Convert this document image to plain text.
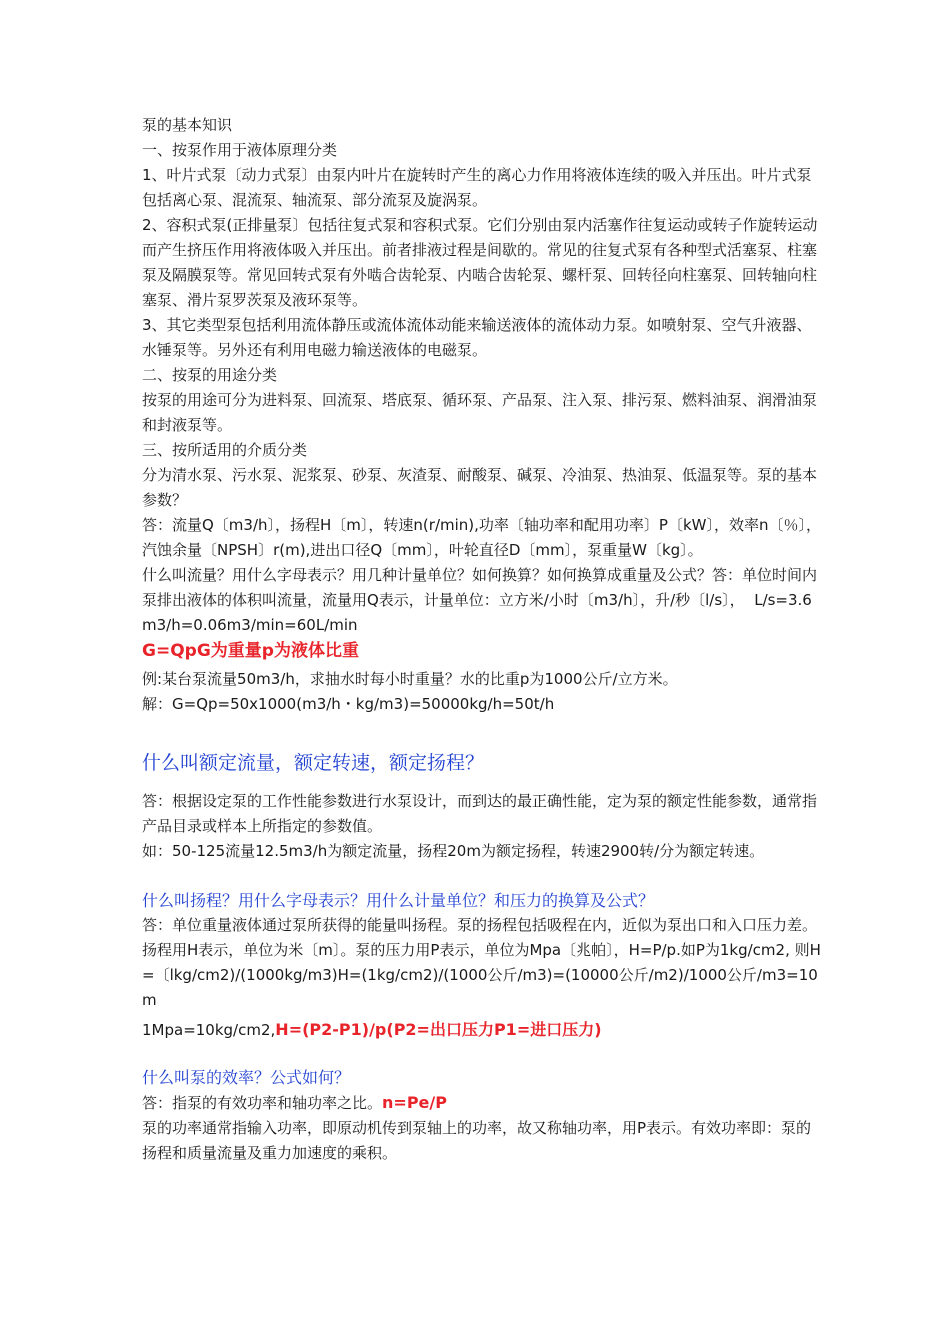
泵的基本知识

一、按泵作用于液体原理分类

1、叶片式泵〔动力式泵〕由泵内叶片在旋转时产生的离心力作用将液体连续的吸入并压出。叶片式泵包括离心泵、混流泵、轴流泵、部分流泵及旋涡泵。

2、容积式泵(正排量泵〕包括往复式泵和容积式泵。它们分别由泵内活塞作往复运动或转子作旋转运动而产生挤压作用将液体吸入并压出。前者排液过程是间歇的。常见的往复式泵有各种型式活塞泵、柱塞泵及隔膜泵等。常见回转式泵有外啮合齿轮泵、内啮合齿轮泵、螺杆泵、回转径向柱塞泵、回转轴向柱塞泵、滑片泵罗茨泵及液环泵等。

3、其它类型泵包括利用流体静压或流体流体动能来输送液体的流体动力泵。如喷射泵、空气升液器、水锤泵等。另外还有利用电磁力输送液体的电磁泵。

二、按泵的用途分类

按泵的用途可分为进料泵、回流泵、塔底泵、循环泵、产品泵、注入泵、排污泵、燃料油泵、润滑油泵和封液泵等。

三、按所适用的介质分类

分为清水泵、污水泵、泥浆泵、砂泵、灰渣泵、耐酸泵、碱泵、冷油泵、热油泵、低温泵等。泵的基本参数？

答：流量Q〔m3/h〕，扬程H〔m〕，转速n(r/min),功率〔轴功率和配用功率〕P〔kW〕，效率n〔％〕，汽蚀余量〔NPSH〕r(m),进出口径Q〔mm〕，叶轮直径D〔mm〕，泵重量W〔kg〕。

什么叫流量？用什么字母表示？用几种计量单位？如何换算？如何换算成重量及公式？答：单位时间内泵排出液体的体积叫流量，流量用Q表示，计量单位：立方米/小时〔m3/h〕，升/秒〔l/s〕，  L/s=3.6m3/h=0.06m3/min=60L/min

G=QpG为重量p为液体比重

例:某台泵流量50m3/h，求抽水时每小时重量？水的比重p为1000公斤/立方米。

解：G=Qp=50x1000(m3/h・kg/m3)=50000kg/h=50t/h

什么叫额定流量，额定转速，额定扬程？

答：根据设定泵的工作性能参数进行水泵设计，而到达的最正确性能，定为泵的额定性能参数，通常指产品目录或样本上所指定的参数值。

如：50-125流量12.5m3/h为额定流量，扬程20m为额定扬程，转速2900转/分为额定转速。

什么叫扬程？用什么字母表示？用什么计量单位？和压力的换算及公式？

答：单位重量液体通过泵所获得的能量叫扬程。泵的扬程包括吸程在内，近似为泵出口和入口压力差。扬程用H表示，单位为米〔m〕。泵的压力用P表示，单位为Mpa〔兆帕〕，H=P/p.如P为1kg/cm2, 则H=〔lkg/cm2)/(1000kg/m3)H=(1kg/cm2)/(1000公斤/m3)=(10000公斤/m2)/1000公斤/m3=10m

1Mpa=10kg/cm2,H=(P2-P1)/p(P2=出口压力P1=进口压力)

什么叫泵的效率？公式如何？

答：指泵的有效功率和轴功率之比。n=Pe/P

泵的功率通常指输入功率，即原动机传到泵轴上的功率，故又称轴功率，用P表示。有效功率即：泵的扬程和质量流量及重力加速度的乘积。
